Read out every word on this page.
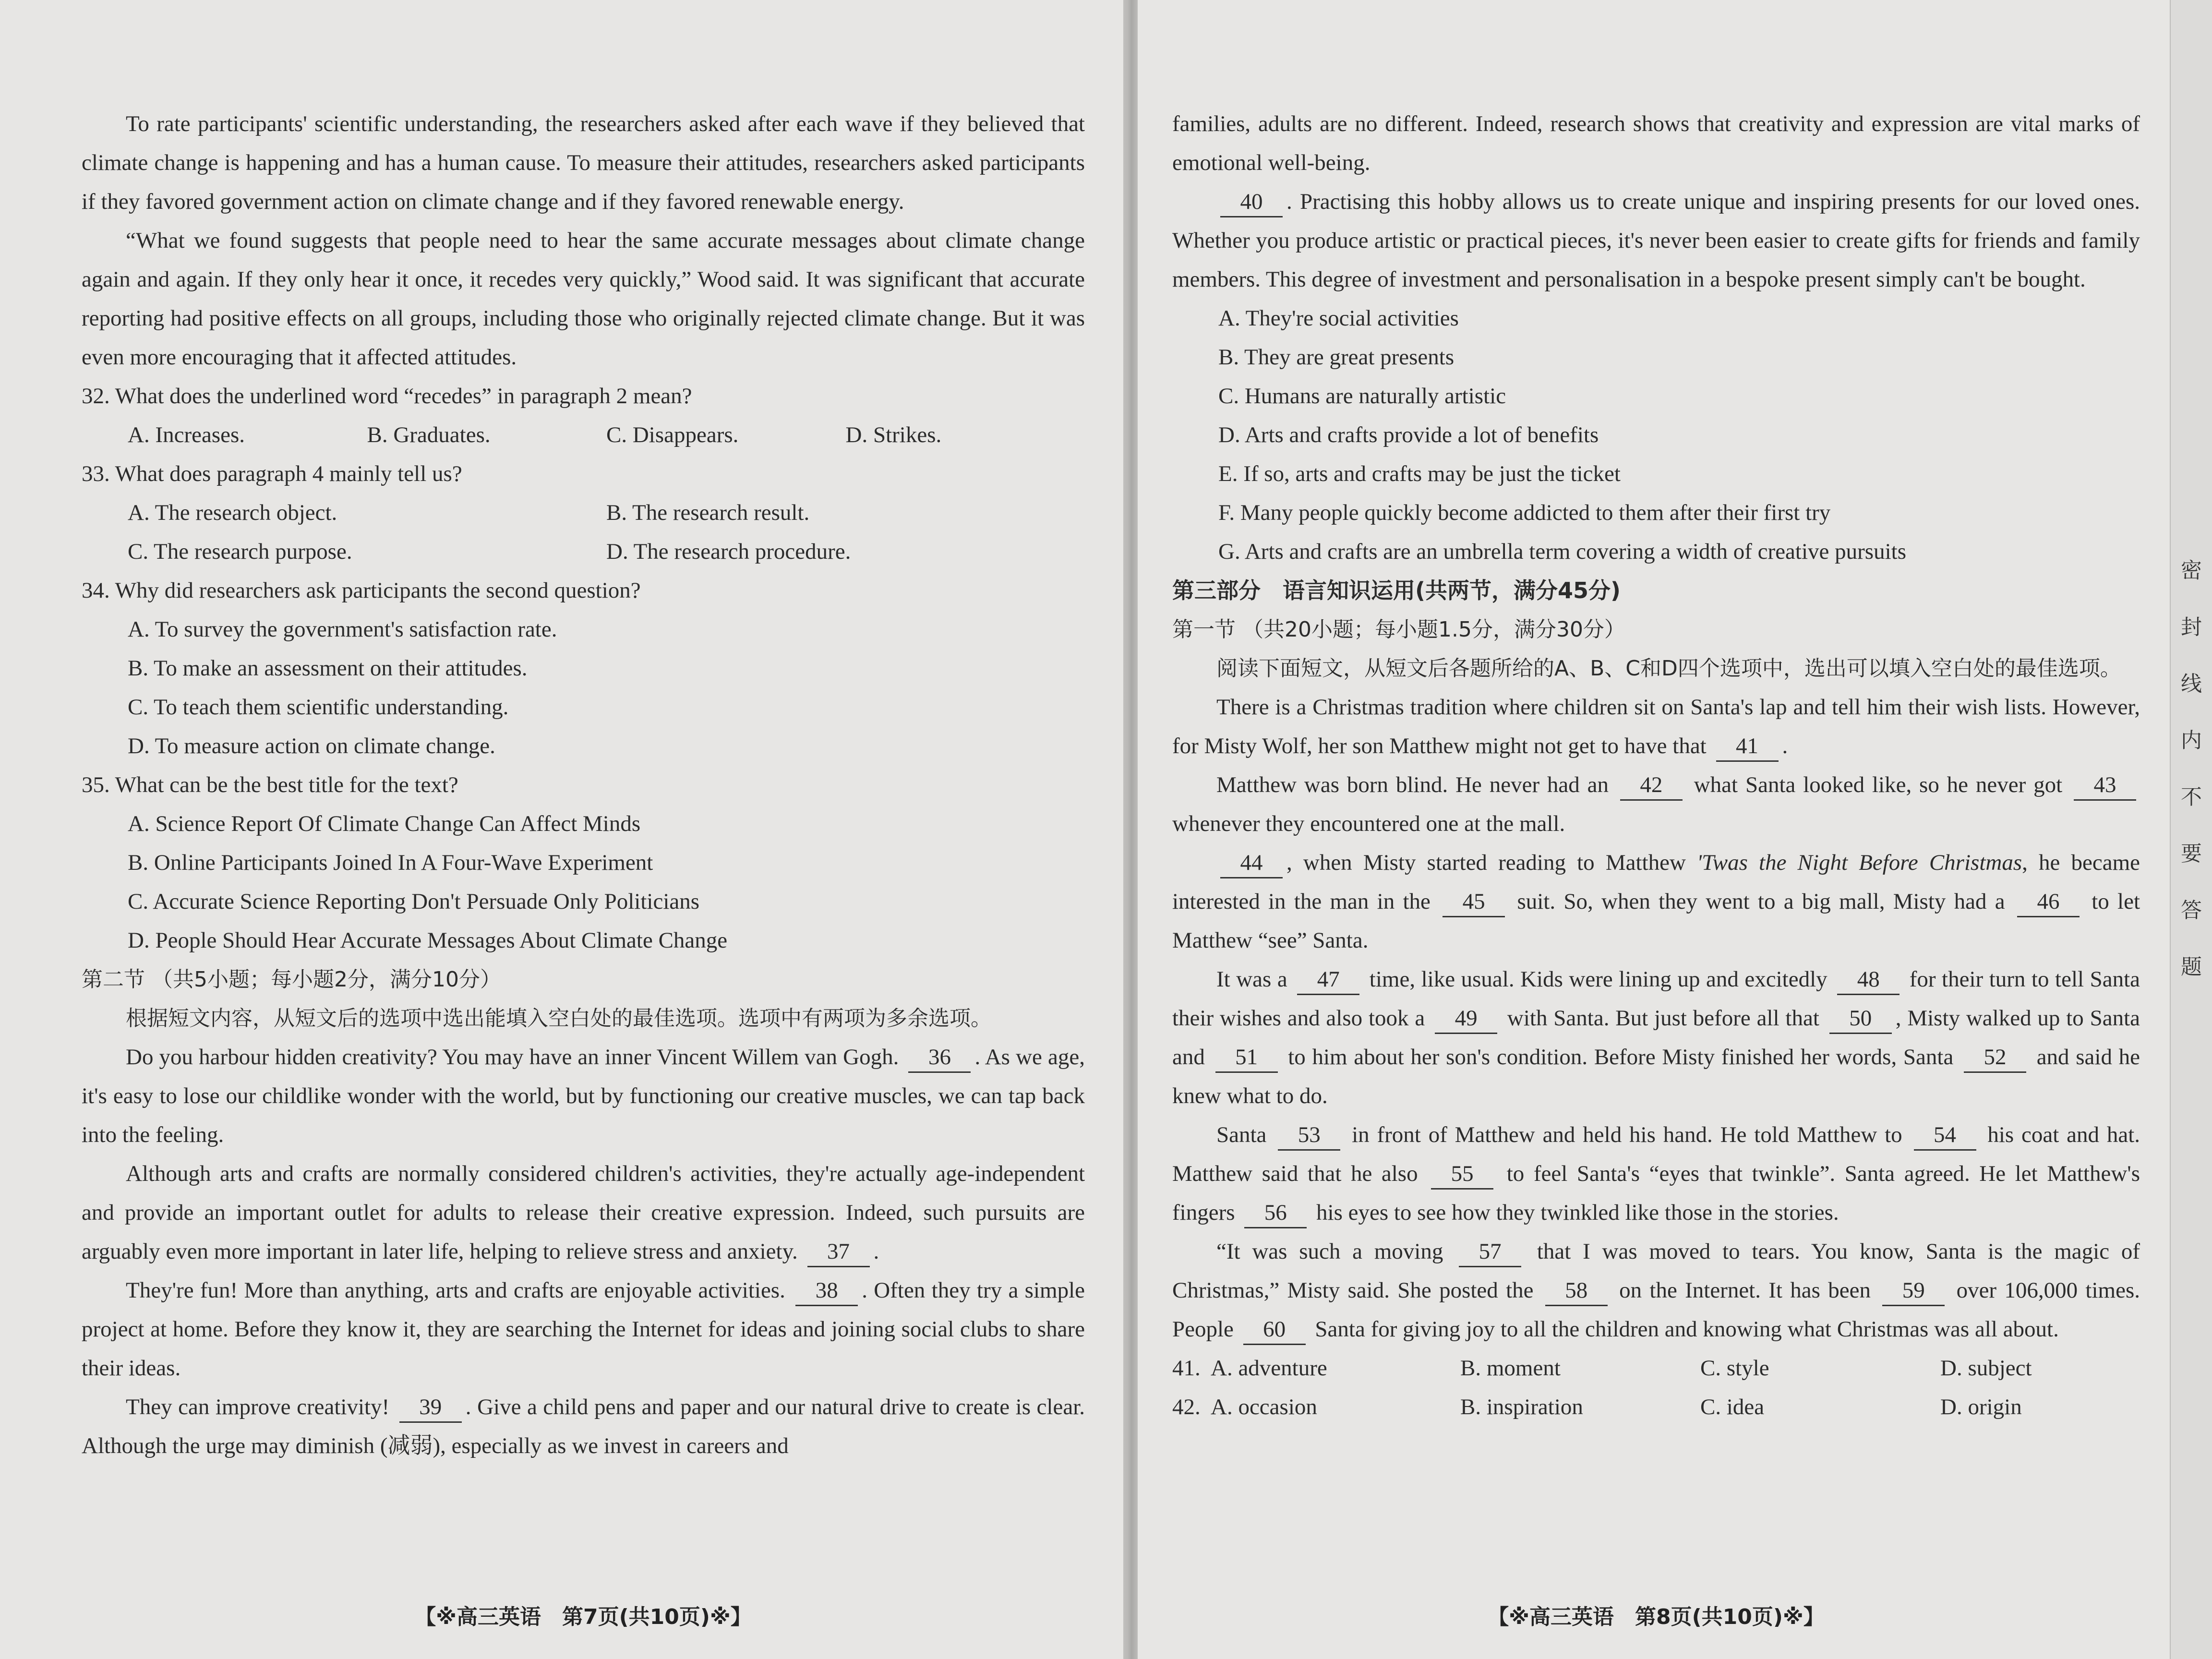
To rate participants' scientific understanding, the researchers asked after each wave if they believed that climate change is happening and has a human cause. To measure their attitudes, researchers asked participants if they favored government action on climate change and if they favored renewable energy.

“What we found suggests that people need to hear the same accurate messages about climate change again and again. If they only hear it once, it recedes very quickly,” Wood said. It was significant that accurate reporting had positive effects on all groups, including those who originally rejected climate change. But it was even more encouraging that it affected attitudes.

32. What does the underlined word “recedes” in paragraph 2 mean?

A. Increases.	B. Graduates.	C. Disappears.	D. Strikes.

33. What does paragraph 4 mainly tell us?

A. The research object.	B. The research result.
C. The research purpose.	D. The research procedure.

34. Why did researchers ask participants the second question?

A. To survey the government's satisfaction rate.

B. To make an assessment on their attitudes.

C. To teach them scientific understanding.

D. To measure action on climate change.

35. What can be the best title for the text?

A. Science Report Of Climate Change Can Affect Minds

B. Online Participants Joined In A Four-Wave Experiment

C. Accurate Science Reporting Don't Persuade Only Politicians

D. People Should Hear Accurate Messages About Climate Change

第二节 （共5小题；每小题2分，满分10分）

根据短文内容，从短文后的选项中选出能填入空白处的最佳选项。选项中有两项为多余选项。

Do you harbour hidden creativity? You may have an inner Vincent Willem van Gogh. 36 . As we age, it's easy to lose our childlike wonder with the world, but by functioning our creative muscles, we can tap back into the feeling.

Although arts and crafts are normally considered children's activities, they're actually age-independent and provide an important outlet for adults to release their creative expression. Indeed, such pursuits are arguably even more important in later life, helping to relieve stress and anxiety. 37 .

They're fun! More than anything, arts and crafts are enjoyable activities. 38 . Often they try a simple project at home. Before they know it, they are searching the Internet for ideas and joining social clubs to share their ideas.

They can improve creativity! 39 . Give a child pens and paper and our natural drive to create is clear. Although the urge may diminish (减弱), especially as we invest in careers and

【※高三英语　第7页(共10页)※】

families, adults are no different. Indeed, research shows that creativity and expression are vital marks of emotional well-being.

40 . Practising this hobby allows us to create unique and inspiring presents for our loved ones. Whether you produce artistic or practical pieces, it's never been easier to create gifts for friends and family members. This degree of investment and personalisation in a bespoke present simply can't be bought.

A. They're social activities

B. They are great presents

C. Humans are naturally artistic

D. Arts and crafts provide a lot of benefits

E. If so, arts and crafts may be just the ticket

F. Many people quickly become addicted to them after their first try

G. Arts and crafts are an umbrella term covering a width of creative pursuits

第三部分　语言知识运用(共两节，满分45分)

第一节 （共20小题；每小题1.5分，满分30分）

阅读下面短文，从短文后各题所给的A、B、C和D四个选项中，选出可以填入空白处的最佳选项。

There is a Christmas tradition where children sit on Santa's lap and tell him their wish lists. However, for Misty Wolf, her son Matthew might not get to have that 41 .

Matthew was born blind. He never had an 42 what Santa looked like, so he never got 43 whenever they encountered one at the mall.

44 , when Misty started reading to Matthew 'Twas the Night Before Christmas, he became interested in the man in the 45 suit. So, when they went to a big mall, Misty had a 46 to let Matthew “see” Santa.

It was a 47 time, like usual. Kids were lining up and excitedly 48 for their turn to tell Santa their wishes and also took a 49 with Santa. But just before all that 50 , Misty walked up to Santa and 51 to him about her son's condition. Before Misty finished her words, Santa 52 and said he knew what to do.

Santa 53 in front of Matthew and held his hand. He told Matthew to 54 his coat and hat. Matthew said that he also 55 to feel Santa's “eyes that twinkle”. Santa agreed. He let Matthew's fingers 56 his eyes to see how they twinkled like those in the stories.

“It was such a moving 57 that I was moved to tears. You know, Santa is the magic of Christmas,” Misty said. She posted the 58 on the Internet. It has been 59 over 106,000 times. People 60 Santa for giving joy to all the children and knowing what Christmas was all about.

41. A. adventure	B. moment	C. style	D. subject
42. A. occasion	B. inspiration	C. idea	D. origin
【※高三英语　第8页(共10页)※】
密
封
线
内
不
要
答
题
